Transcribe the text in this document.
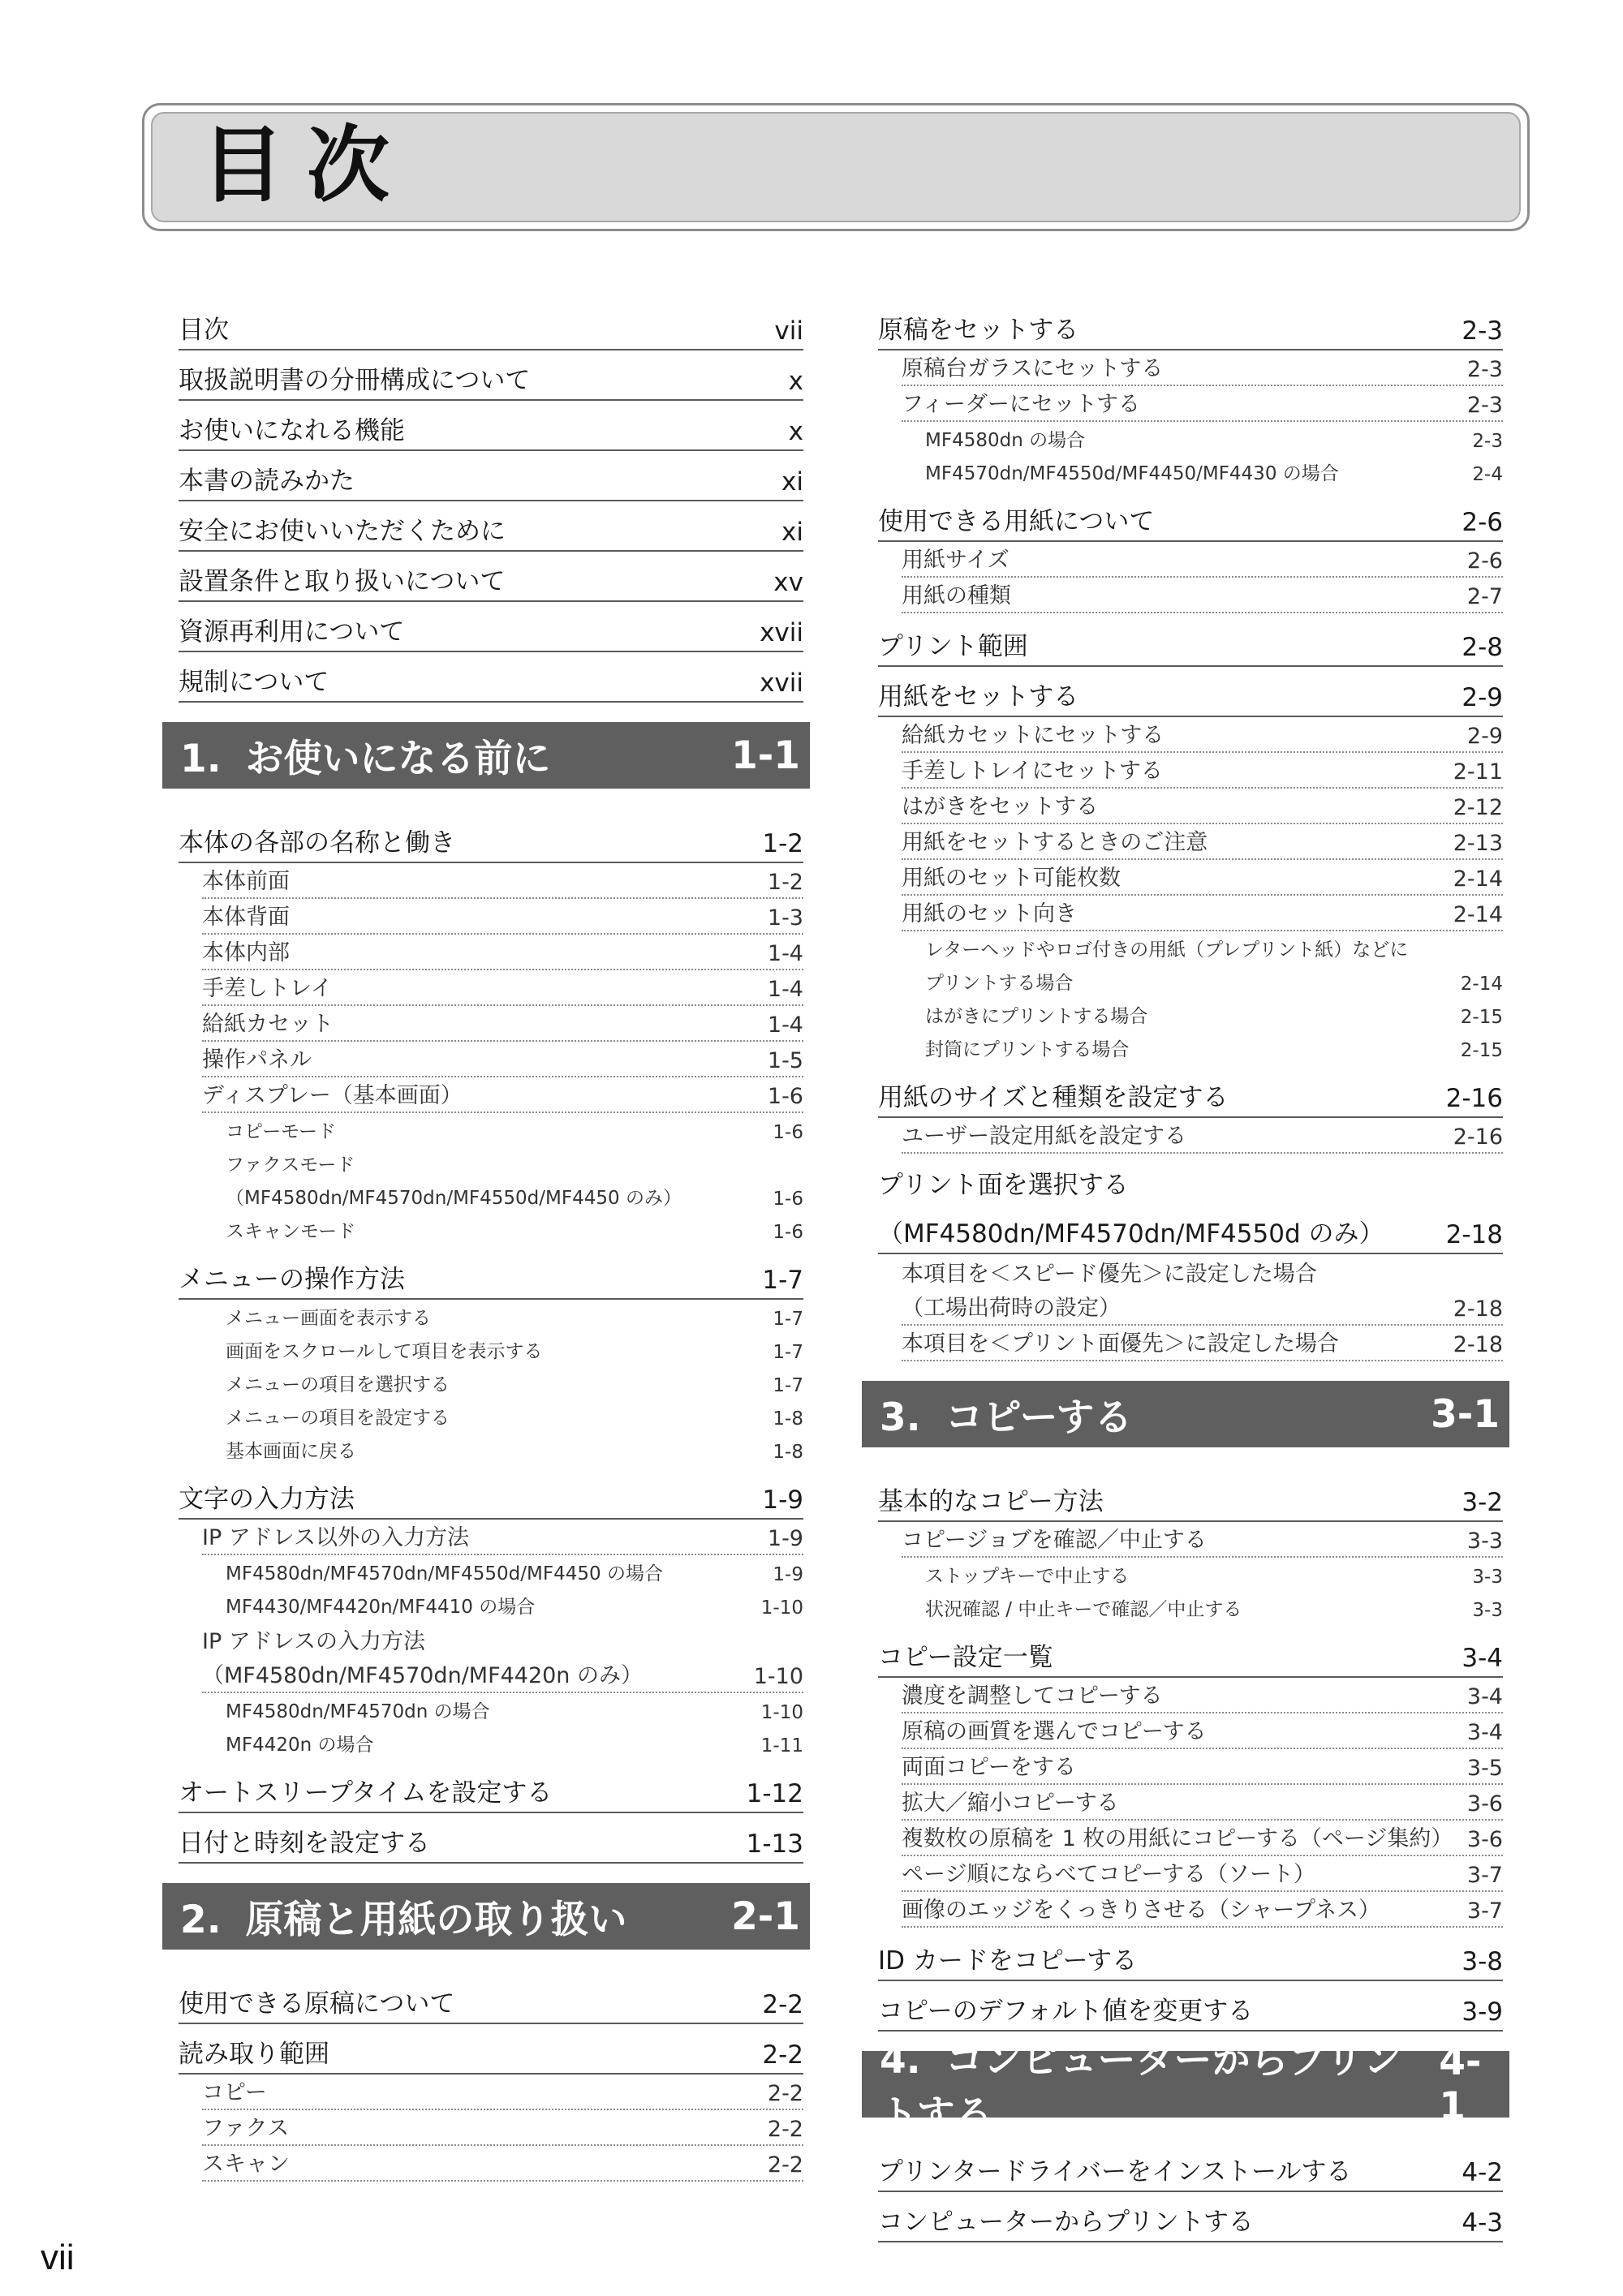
目次
目次	vii
取扱説明書の分冊構成について	x
お使いになれる機能	x
本書の読みかた	xi
安全にお使いいただくために	xi
設置条件と取り扱いについて	xv
資源再利用について	xvii
規制について	xvii
1. お使いになる前に	1-1
本体の各部の名称と働き	1-2
本体前面	1-2
本体背面	1-3
本体内部	1-4
手差しトレイ	1-4
給紙カセット	1-4
操作パネル	1-5
ディスプレー（基本画面）	1-6
コピーモード	1-6
ファクスモード
（MF4580dn/MF4570dn/MF4550d/MF4450 のみ）	1-6
スキャンモード	1-6
メニューの操作方法	1-7
メニュー画面を表示する	1-7
画面をスクロールして項目を表示する	1-7
メニューの項目を選択する	1-7
メニューの項目を設定する	1-8
基本画面に戻る	1-8
文字の入力方法	1-9
IP アドレス以外の入力方法	1-9
MF4580dn/MF4570dn/MF4550d/MF4450 の場合	1-9
MF4430/MF4420n/MF4410 の場合	1-10
IP アドレスの入力方法
（MF4580dn/MF4570dn/MF4420n のみ）	1-10
MF4580dn/MF4570dn の場合	1-10
MF4420n の場合	1-11
オートスリープタイムを設定する	1-12
日付と時刻を設定する	1-13
2. 原稿と用紙の取り扱い	2-1
使用できる原稿について	2-2
読み取り範囲	2-2
コピー	2-2
ファクス	2-2
スキャン	2-2
原稿をセットする	2-3
原稿台ガラスにセットする	2-3
フィーダーにセットする	2-3
MF4580dn の場合	2-3
MF4570dn/MF4550d/MF4450/MF4430 の場合	2-4
使用できる用紙について	2-6
用紙サイズ	2-6
用紙の種類	2-7
プリント範囲	2-8
用紙をセットする	2-9
給紙カセットにセットする	2-9
手差しトレイにセットする	2-11
はがきをセットする	2-12
用紙をセットするときのご注意	2-13
用紙のセット可能枚数	2-14
用紙のセット向き	2-14
レターヘッドやロゴ付きの用紙（プレプリント紙）などに
プリントする場合	2-14
はがきにプリントする場合	2-15
封筒にプリントする場合	2-15
用紙のサイズと種類を設定する	2-16
ユーザー設定用紙を設定する	2-16
プリント面を選択する
（MF4580dn/MF4570dn/MF4550d のみ） 2-18
本項目を＜スピード優先＞に設定した場合
（工場出荷時の設定）	2-18
本項目を＜プリント面優先＞に設定した場合	2-18
3. コピーする	3-1
基本的なコピー方法	3-2
コピージョブを確認／中止する	3-3
ストップキーで中止する	3-3
状況確認 / 中止キーで確認／中止する	3-3
コピー設定一覧	3-4
濃度を調整してコピーする	3-4
原稿の画質を選んでコピーする	3-4
両面コピーをする	3-5
拡大／縮小コピーする	3-6
複数枚の原稿を 1 枚の用紙にコピーする（ページ集約） 3-6
ページ順にならべてコピーする（ソート）	3-7
画像のエッジをくっきりさせる（シャープネス）	3-7
ID カードをコピーする	3-8
コピーのデフォルト値を変更する	3-9
4. コンピューターからプリントする
4-1
プリンタードライバーをインストールする	4-2
コンピューターからプリントする	4-3
vii
